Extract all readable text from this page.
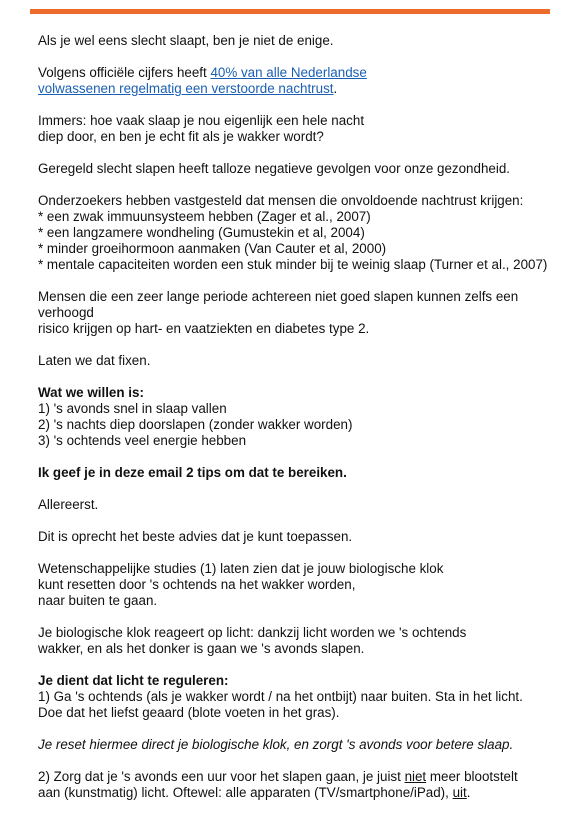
Als je wel eens slecht slaapt, ben je niet de enige.

Volgens officiële cijfers heeft 40% van alle Nederlandse
volwassenen regelmatig een verstoorde nachtrust.

Immers: hoe vaak slaap je nou eigenlijk een hele nacht
diep door, en ben je echt fit als je wakker wordt?

Geregeld slecht slapen heeft talloze negatieve gevolgen voor onze gezondheid.

Onderzoekers hebben vastgesteld dat mensen die onvoldoende nachtrust krijgen:
* een zwak immuunsysteem hebben (Zager et al., 2007)
* een langzamere wondheling (Gumustekin et al, 2004)
* minder groeihormoon aanmaken (Van Cauter et al, 2000)
* mentale capaciteiten worden een stuk minder bij te weinig slaap (Turner et al., 2007)

Mensen die een zeer lange periode achtereen niet goed slapen kunnen zelfs een verhoogd
risico krijgen op hart- en vaatziekten en diabetes type 2.

Laten we dat fixen.

Wat we willen is:
1) 's avonds snel in slaap vallen
2) 's nachts diep doorslapen (zonder wakker worden)
3) 's ochtends veel energie hebben

Ik geef je in deze email 2 tips om dat te bereiken.

Allereerst.

Dit is oprecht het beste advies dat je kunt toepassen.

Wetenschappelijke studies (1) laten zien dat je jouw biologische klok
kunt resetten door 's ochtends na het wakker worden,
naar buiten te gaan.

Je biologische klok reageert op licht: dankzij licht worden we 's ochtends
wakker, en als het donker is gaan we 's avonds slapen.

Je dient dat licht te reguleren:
1) Ga 's ochtends (als je wakker wordt / na het ontbijt) naar buiten. Sta in het licht.
Doe dat het liefst geaard (blote voeten in het gras).

Je reset hiermee direct je biologische klok, en zorgt 's avonds voor betere slaap.

2) Zorg dat je 's avonds een uur voor het slapen gaan, je juist niet meer blootstelt
aan (kunstmatig) licht. Oftewel: alle apparaten (TV/smartphone/iPad), uit.
